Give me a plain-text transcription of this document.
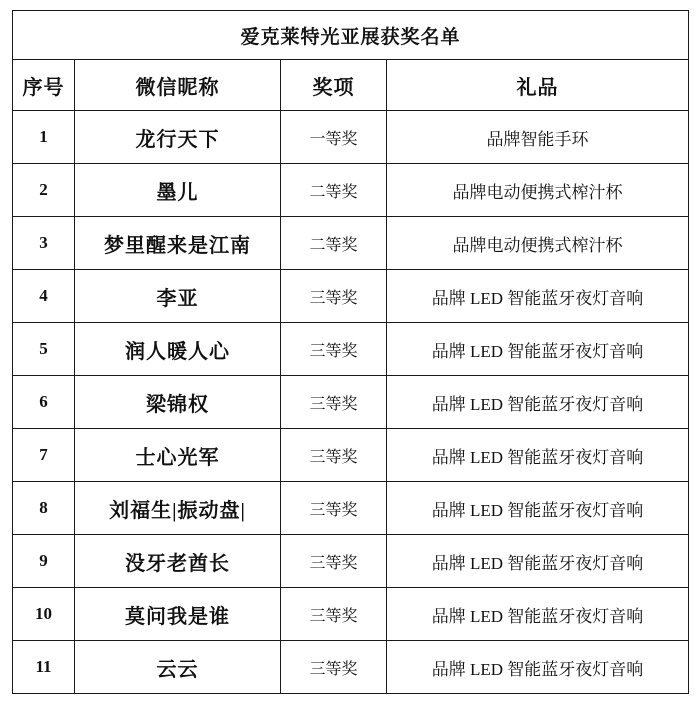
爱克莱特光亚展获奖名单			
序号	微信昵称	奖项	礼品
1	龙行天下	一等奖	品牌智能手环
2	墨儿	二等奖	品牌电动便携式榨汁杯
3	梦里醒来是江南	二等奖	品牌电动便携式榨汁杯
4	李亚	三等奖	品牌 LED 智能蓝牙夜灯音响
5	润人暖人心	三等奖	品牌 LED 智能蓝牙夜灯音响
6	梁锦权	三等奖	品牌 LED 智能蓝牙夜灯音响
7	士心光军	三等奖	品牌 LED 智能蓝牙夜灯音响
8	刘福生|振动盘|	三等奖	品牌 LED 智能蓝牙夜灯音响
9	没牙老酋长	三等奖	品牌 LED 智能蓝牙夜灯音响
10	莫问我是谁	三等奖	品牌 LED 智能蓝牙夜灯音响
11	云云	三等奖	品牌 LED 智能蓝牙夜灯音响
